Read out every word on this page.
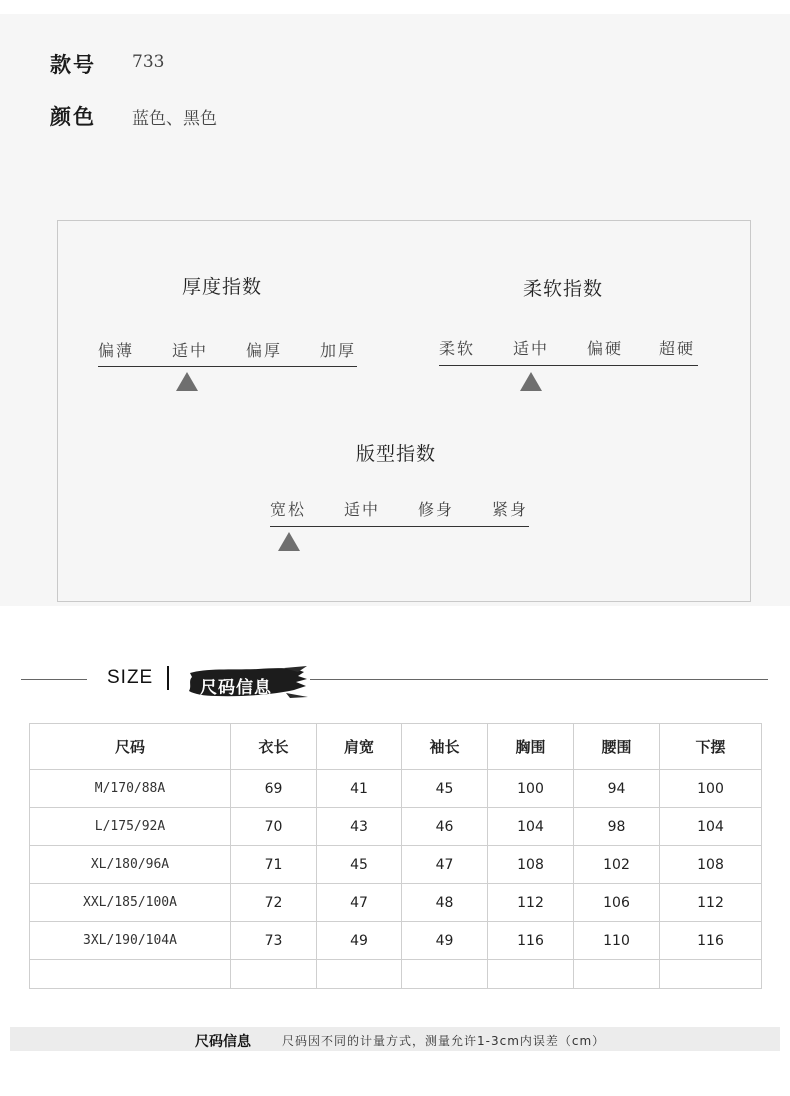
款号 733
颜色 蓝色、黑色
厚度指数
偏薄 适中 偏厚 加厚
柔软指数
柔软 适中 偏硬 超硬
版型指数
宽松 适中 修身 紧身
SIZE	尺码信息
尺码	衣长	肩宽	袖长	胸围	腰围	下摆
M/170/88A	69	41	45	100	94	100
L/175/92A	70	43	46	104	98	104
XL/180/96A	71	45	47	108	102	108
XXL/185/100A	72	47	48	112	106	112
3XL/190/104A	73	49	49	116	110	116

尺码信息	尺码因不同的计量方式，测量允许1-3cm内误差（cm）
